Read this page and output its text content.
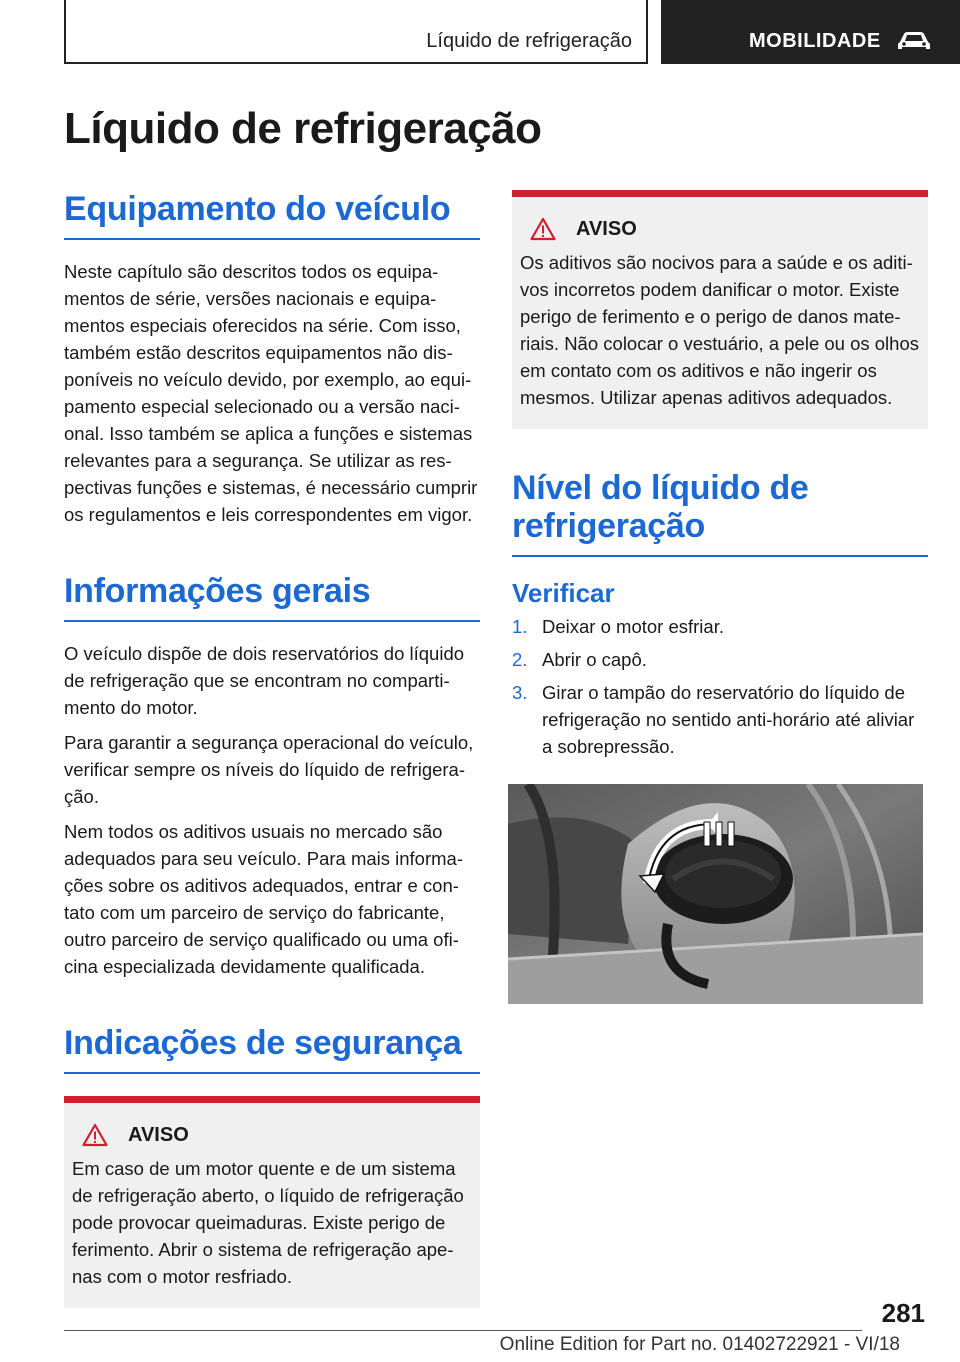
Líquido de refrigeração	MOBILIDADE
Líquido de refrigeração
Equipamento do veículo

Neste capítulo são descritos todos os equipamentos de série, versões nacionais e equipamentos especiais oferecidos na série. Com isso, também estão descritos equipamentos não disponíveis no veículo devido, por exemplo, ao equipamento especial selecionado ou a versão nacional. Isso também se aplica a funções e sistemas relevantes para a segurança. Se utilizar as respectivas funções e sistemas, é necessário cumprir os regulamentos e leis correspondentes em vigor.

Informações gerais

O veículo dispõe de dois reservatórios do líquido de refrigeração que se encontram no compartimento do motor.

Para garantir a segurança operacional do veículo, verificar sempre os níveis do líquido de refrigeração.

Nem todos os aditivos usuais no mercado são adequados para seu veículo. Para mais informações sobre os aditivos adequados, entrar e contato com um parceiro de serviço do fabricante, outro parceiro de serviço qualificado ou uma oficina especializada devidamente qualificada.

Indicações de segurança
AVISO

Em caso de um motor quente e de um sistema de refrigeração aberto, o líquido de refrigeração pode provocar queimaduras. Existe perigo de ferimento. Abrir o sistema de refrigeração apenas com o motor resfriado.

AVISO

Os aditivos são nocivos para a saúde e os aditivos incorretos podem danificar o motor. Existe perigo de ferimento e o perigo de danos materiais. Não colocar o vestuário, a pele ou os olhos em contato com os aditivos e não ingerir os mesmos. Utilizar apenas aditivos adequados.

Nível do líquido de refrigeração
Verificar
1. Deixar o motor esfriar.
2. Abrir o capô.
3. Girar o tampão do reservatório do líquido de refrigeração no sentido anti-horário até aliviar a sobrepressão.
281
Online Edition for Part no. 01402722921 - VI/18
